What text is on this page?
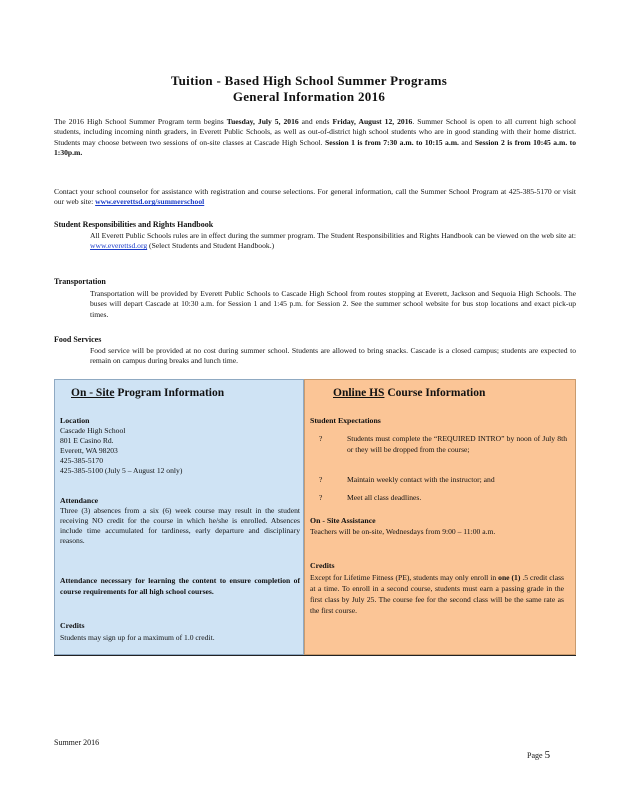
Tuition - Based High School Summer Programs
General Information 2016
The 2016 High School Summer Program term begins Tuesday, July 5, 2016 and ends Friday, August 12, 2016. Summer School is open to all current high school students, including incoming ninth graders, in Everett Public Schools, as well as out-of-district high school students who are in good standing with their home district. Students may choose between two sessions of on-site classes at Cascade High School. Session 1 is from 7:30 a.m. to 10:15 a.m. and Session 2 is from 10:45 a.m. to 1:30p.m.
Contact your school counselor for assistance with registration and course selections. For general information, call the Summer School Program at 425-385-5170 or visit our web site: www.everettsd.org/summerschool
Student Responsibilities and Rights Handbook
All Everett Public Schools rules are in effect during the summer program. The Student Responsibilities and Rights Handbook can be viewed on the web site at: www.everettsd.org (Select Students and Student Handbook.)
Transportation
Transportation will be provided by Everett Public Schools to Cascade High School from routes stopping at Everett, Jackson and Sequoia High Schools. The buses will depart Cascade at 10:30 a.m. for Session 1 and 1:45 p.m. for Session 2. See the summer school website for bus stop locations and exact pick-up times.
Food Services
Food service will be provided at no cost during summer school. Students are allowed to bring snacks. Cascade is a closed campus; students are expected to remain on campus during breaks and lunch time.
On - Site Program Information
Location
Cascade High School
801 E Casino Rd.
Everett, WA 98203
425-385-5170
425-385-5100 (July 5 – August 12 only)
Attendance
Three (3) absences from a six (6) week course may result in the student receiving NO credit for the course in which he/she is enrolled. Absences include time accumulated for tardiness, early departure and disciplinary reasons.
Attendance necessary for learning the content to ensure completion of course requirements for all high school courses.
Credits
Students may sign up for a maximum of 1.0 credit.
Online HS Course Information
Student Expectations
?	Students must complete the “REQUIRED INTRO” by noon of July 8th or they will be dropped from the course;
?	Maintain weekly contact with the instructor; and
?	Meet all class deadlines.
On - Site Assistance
Teachers will be on-site, Wednesdays from 9:00 – 11:00 a.m.
Credits
Except for Lifetime Fitness (PE), students may only enroll in one (1) .5 credit class at a time. To enroll in a second course, students must earn a passing grade in the first class by July 25. The course fee for the second class will be the same rate as the first course.
Summer 2016
Page 5
